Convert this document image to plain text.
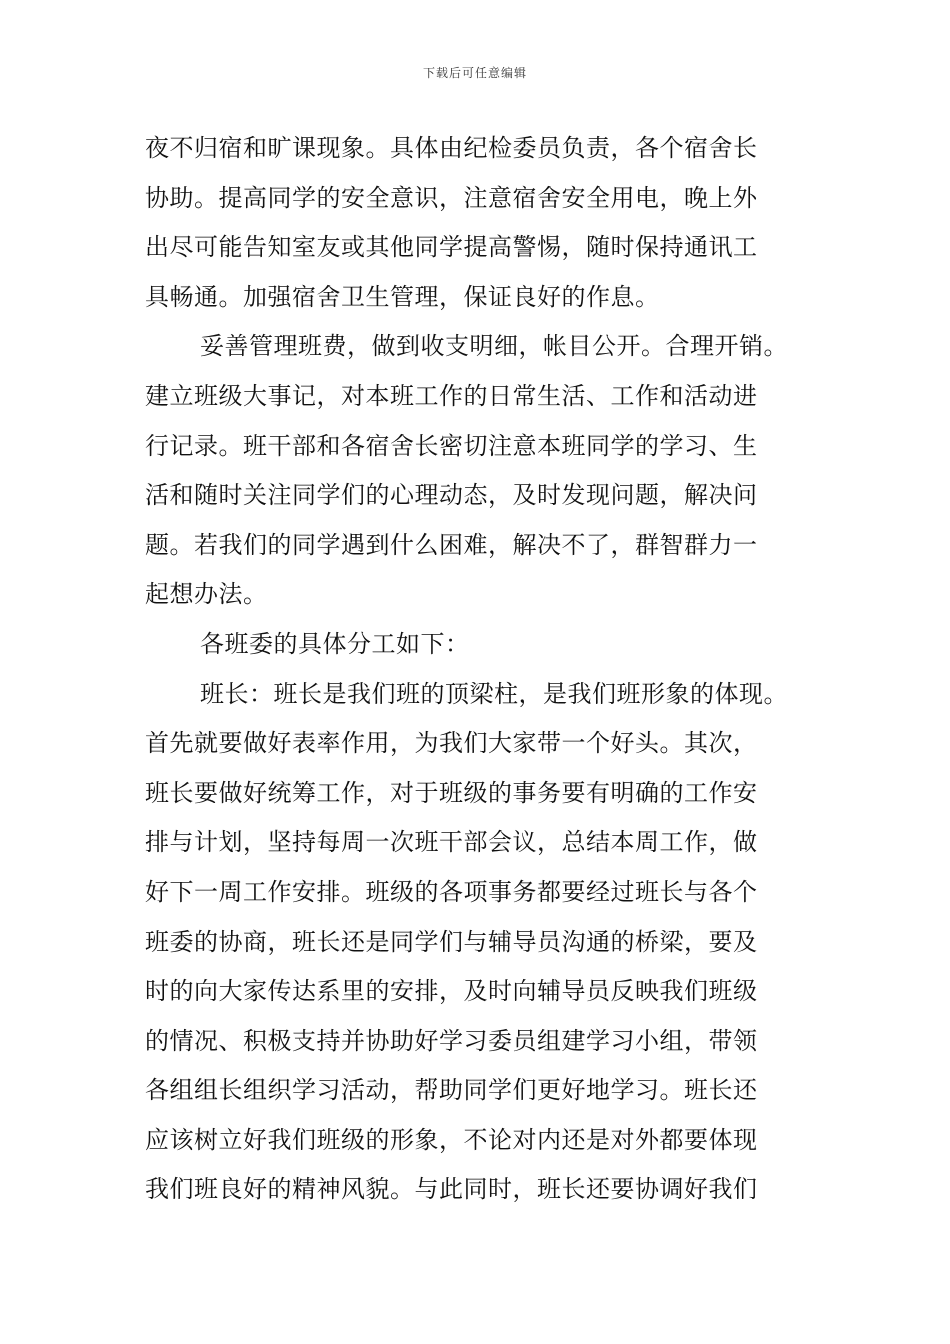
下载后可任意编辑
夜不归宿和旷课现象。具体由纪检委员负责，各个宿舍长
协助。提高同学的安全意识，注意宿舍安全用电，晚上外
出尽可能告知室友或其他同学提高警惕，随时保持通讯工
具畅通。加强宿舍卫生管理，保证良好的作息。
妥善管理班费，做到收支明细，帐目公开。合理开销。
建立班级大事记，对本班工作的日常生活、工作和活动进
行记录。班干部和各宿舍长密切注意本班同学的学习、生
活和随时关注同学们的心理动态，及时发现问题，解决问
题。若我们的同学遇到什么困难，解决不了，群智群力一
起想办法。
各班委的具体分工如下：
班长：班长是我们班的顶梁柱，是我们班形象的体现。
首先就要做好表率作用，为我们大家带一个好头。其次，
班长要做好统筹工作，对于班级的事务要有明确的工作安
排与计划，坚持每周一次班干部会议，总结本周工作，做
好下一周工作安排。班级的各项事务都要经过班长与各个
班委的协商，班长还是同学们与辅导员沟通的桥梁，要及
时的向大家传达系里的安排，及时向辅导员反映我们班级
的情况、积极支持并协助好学习委员组建学习小组，带领
各组组长组织学习活动，帮助同学们更好地学习。班长还
应该树立好我们班级的形象，不论对内还是对外都要体现
我们班良好的精神风貌。与此同时，班长还要协调好我们
